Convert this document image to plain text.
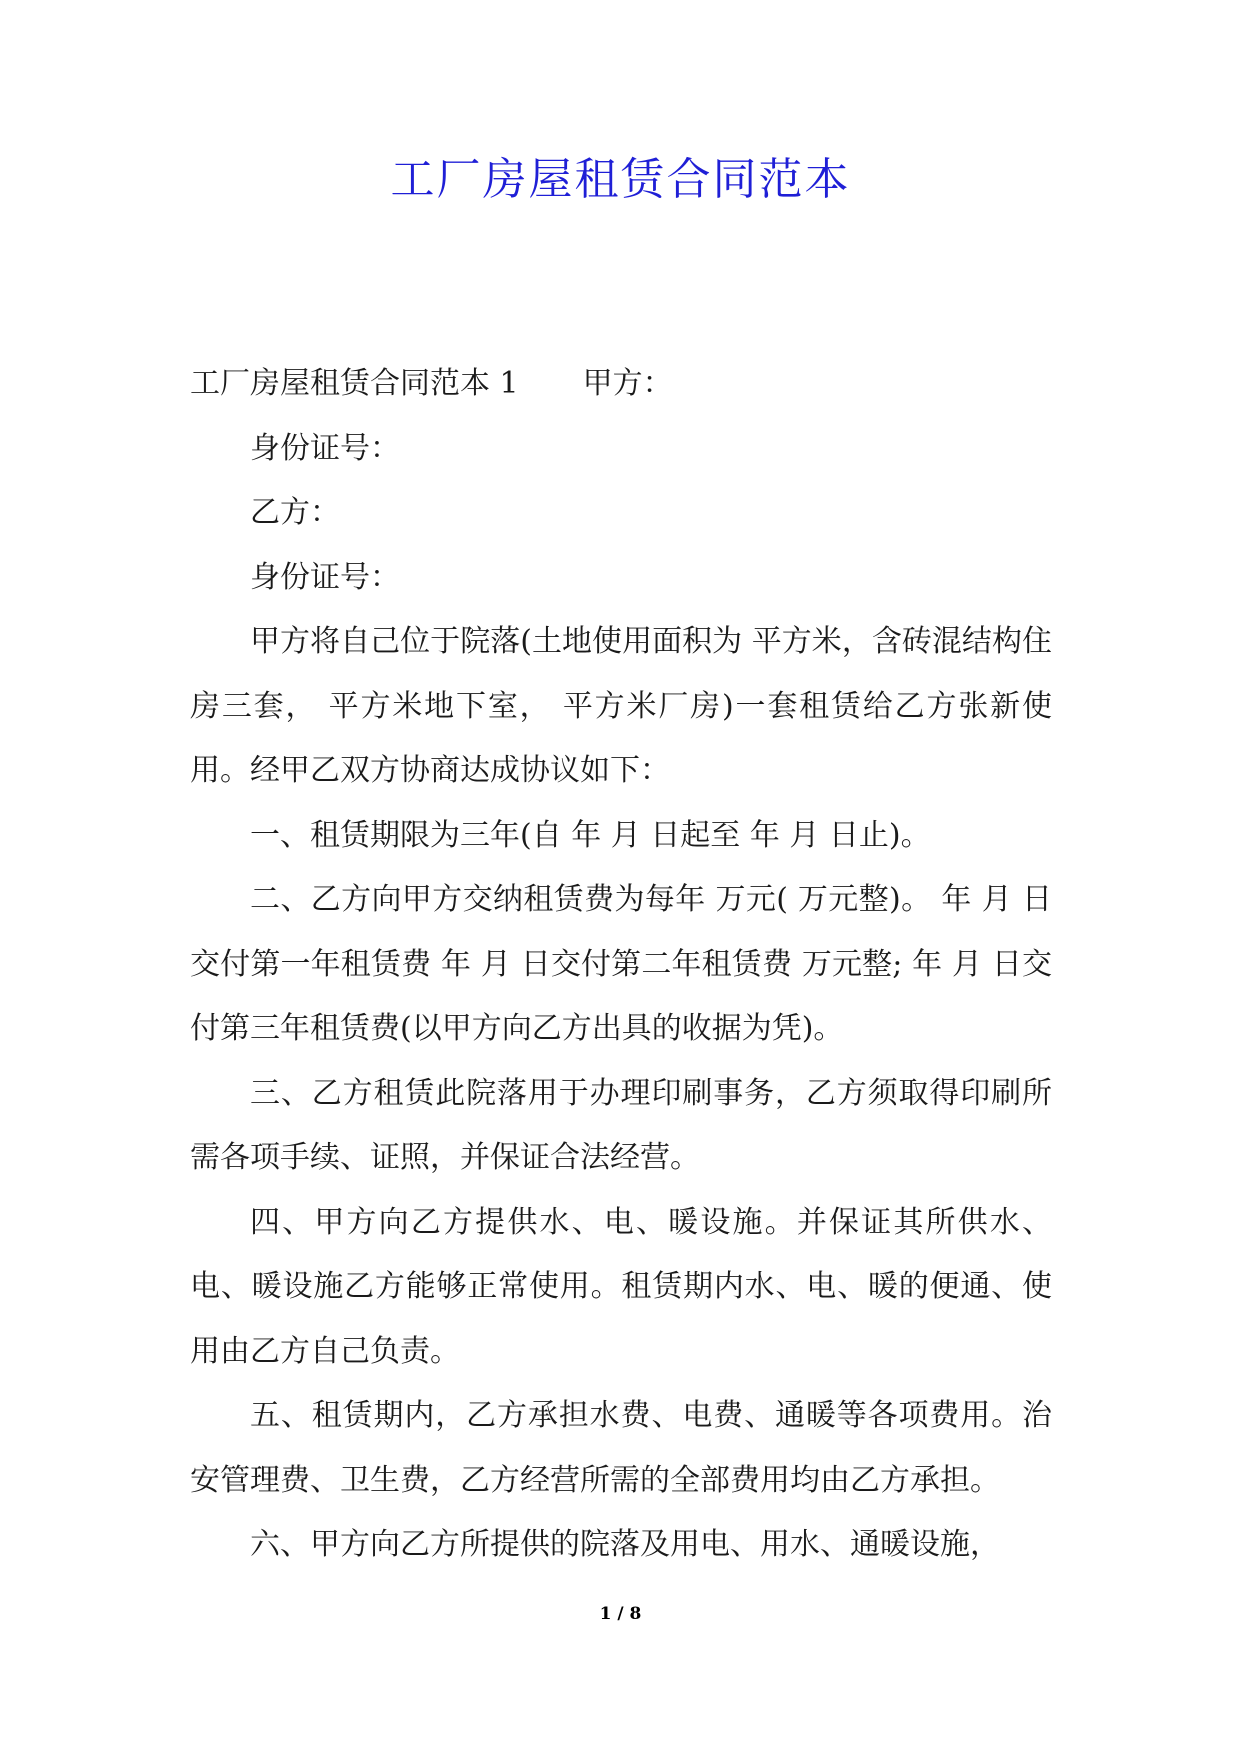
工厂房屋租赁合同范本

工厂房屋租赁合同范本 1 甲方：

身份证号：

乙方：

身份证号：

甲方将自己位于院落(土地使用面积为 平方米，含砖混结构住房三套， 平方米地下室， 平方米厂房)一套租赁给乙方张新使用。经甲乙双方协商达成协议如下：

一、租赁期限为三年(自 年 月 日起至 年 月 日止)。

二、乙方向甲方交纳租赁费为每年 万元( 万元整)。 年 月 日交付第一年租赁费 年 月 日交付第二年租赁费 万元整; 年 月 日交付第三年租赁费(以甲方向乙方出具的收据为凭)。

三、乙方租赁此院落用于办理印刷事务，乙方须取得印刷所需各项手续、证照，并保证合法经营。

四、甲方向乙方提供水、电、暖设施。并保证其所供水、电、暖设施乙方能够正常使用。租赁期内水、电、暖的便通、使用由乙方自己负责。

五、租赁期内，乙方承担水费、电费、通暖等各项费用。治安管理费、卫生费，乙方经营所需的全部费用均由乙方承担。

六、甲方向乙方所提供的院落及用电、用水、通暖设施，

1 / 8
